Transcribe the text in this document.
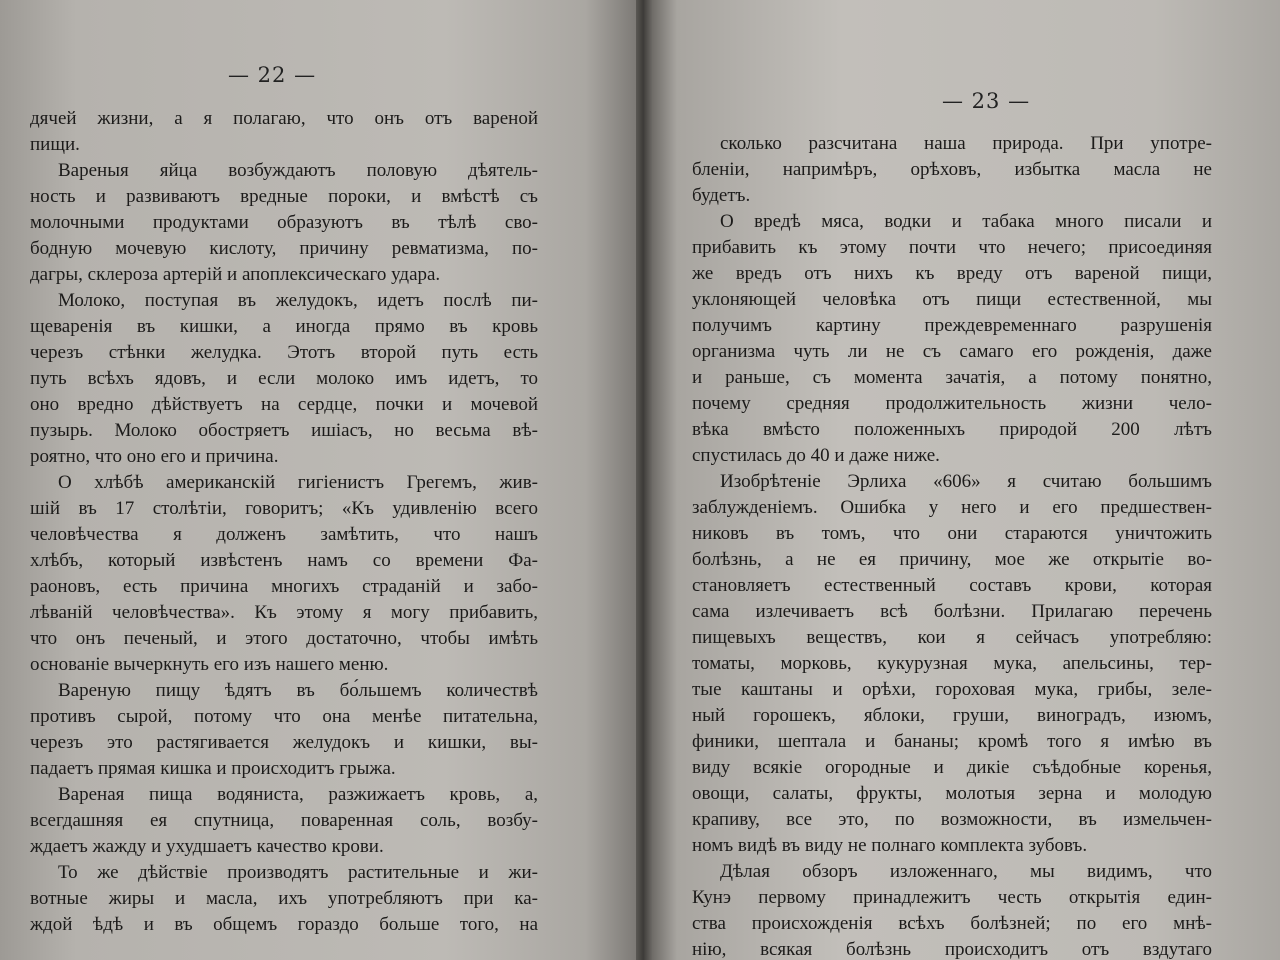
— 22 —
дячей жизни, а я полагаю, что онъ отъ вареной
пищи.
Вареныя яйца возбуждаютъ половую дѣятель-
ность и развиваютъ вредные пороки, и вмѣстѣ съ
молочными продуктами образуютъ въ тѣлѣ сво-
бодную мочевую кислоту, причину ревматизма, по-
дагры, склероза артерій и апоплексическаго удара.
Молоко, поступая въ желудокъ, идетъ послѣ пи-
щеваренія въ кишки, а иногда прямо въ кровь
черезъ стѣнки желудка. Этотъ второй путь есть
путь всѣхъ ядовъ, и если молоко имъ идетъ, то
оно вредно дѣйствуетъ на сердце, почки и мочевой
пузырь. Молоко обостряетъ ишіасъ, но весьма вѣ-
роятно, что оно его и причина.
О хлѣбѣ американскій гигіенистъ Грегемъ, жив-
шій въ 17 столѣтіи, говоритъ; «Къ удивленію всего
человѣчества я долженъ замѣтить, что нашъ
хлѣбъ, который извѣстенъ намъ со времени Фа-
раоновъ, есть причина многихъ страданій и забо-
лѣваній человѣчества». Къ этому я могу прибавить,
что онъ печеный, и этого достаточно, чтобы имѣть
основаніе вычеркнуть его изъ нашего меню.
Вареную пищу ѣдятъ въ бо́льшемъ количествѣ
противъ сырой, потому что она менѣе питательна,
черезъ это растягивается желудокъ и кишки, вы-
падаетъ прямая кишка и происходитъ грыжа.
Вареная пища водяниста, разжижаетъ кровь, а,
всегдашняя ея спутница, поваренная соль, возбу-
ждаетъ жажду и ухудшаетъ качество крови.
То же дѣйствіе производятъ растительные и жи-
вотные жиры и масла, ихъ употребляютъ при ка-
ждой ѣдѣ и въ общемъ гораздо больше того, на
— 23 —
сколько разсчитана наша природа. При употре-
бленіи, напримѣръ, орѣховъ, избытка масла не
будетъ.
О вредѣ мяса, водки и табака много писали и
прибавить къ этому почти что нечего; присоединяя
же вредъ отъ нихъ къ вреду отъ вареной пищи,
уклоняющей человѣка отъ пищи естественной, мы
получимъ картину преждевременнаго разрушенія
организма чуть ли не съ самаго его рожденія, даже
и раньше, съ момента зачатія, а потому понятно,
почему средняя продолжительность жизни чело-
вѣка вмѣсто положенныхъ природой 200 лѣтъ
спустилась до 40 и даже ниже.
Изобрѣтеніе Эрлиха «606» я считаю большимъ
заблужденіемъ. Ошибка у него и его предшествен-
никовъ въ томъ, что они стараются уничтожить
болѣзнь, а не ея причину, мое же открытіе во-
становляетъ естественный составъ крови, которая
сама излечиваетъ всѣ болѣзни. Прилагаю перечень
пищевыхъ веществъ, кои я сейчасъ употребляю:
томаты, морковь, кукурузная мука, апельсины, тер-
тые каштаны и орѣхи, гороховая мука, грибы, зеле-
ный горошекъ, яблоки, груши, виноградъ, изюмъ,
финики, шептала и бананы; кромѣ того я имѣю въ
виду всякіе огородные и дикіе съѣдобные коренья,
овощи, салаты, фрукты, молотыя зерна и молодую
крапиву, все это, по возможности, въ измельчен-
номъ видѣ въ виду не полнаго комплекта зубовъ.
Дѣлая обзоръ изложеннаго, мы видимъ, что
Кунэ первому принадлежитъ честь открытія един-
ства происхожденія всѣхъ болѣзней; по его мнѣ-
нію, всякая болѣзнь происходитъ отъ вздутаго
